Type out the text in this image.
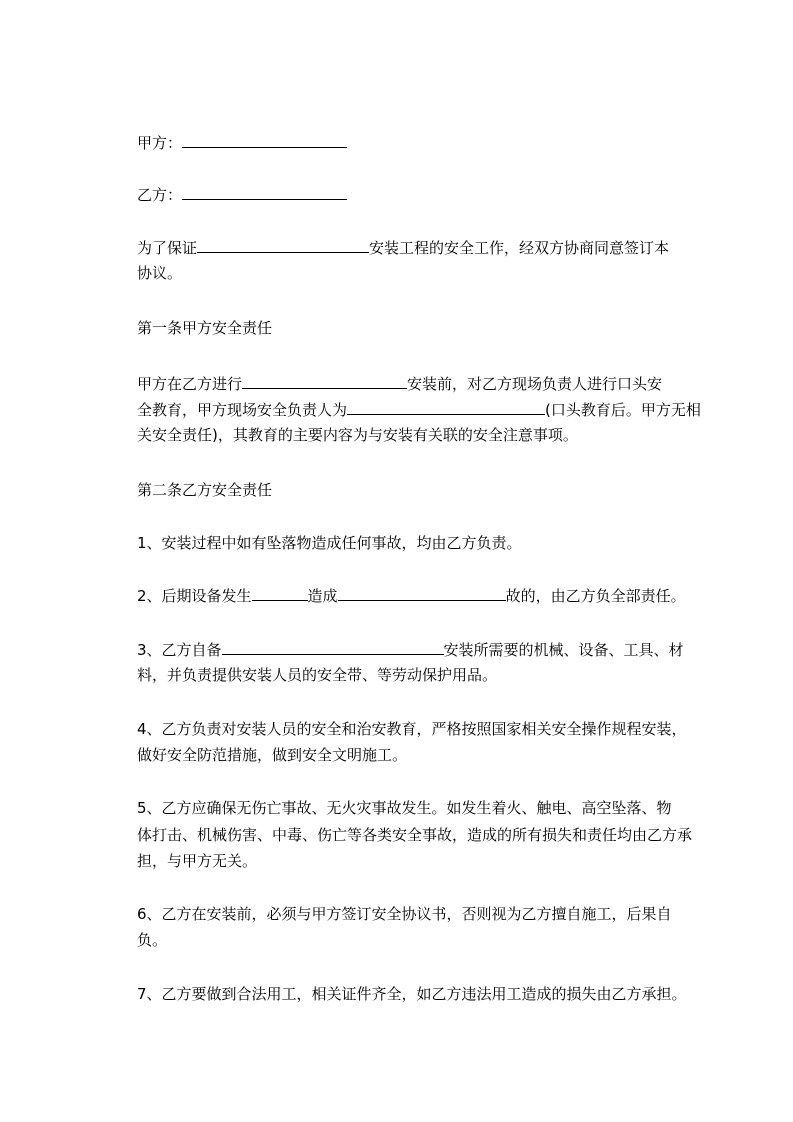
甲方：
乙方：
为了保证	安装工程的安全工作，经双方协商同意签订本
协议。
第一条甲方安全责任
甲方在乙方进行	安装前，对乙方现场负责人进行口头安
全教育，甲方现场安全负责人为	(口头教育后。甲方无相
关安全责任)，其教育的主要内容为与安装有关联的安全注意事项。
第二条乙方安全责任
1、安装过程中如有坠落物造成任何事故，均由乙方负责。
2、后期设备发生	造成	故的，由乙方负全部责任。
3、乙方自备	安装所需要的机械、设备、工具、材
料，并负责提供安装人员的安全带、等劳动保护用品。
4、乙方负责对安装人员的安全和治安教育，严格按照国家相关安全操作规程安装，
做好安全防范措施，做到安全文明施工。
5、乙方应确保无伤亡事故、无火灾事故发生。如发生着火、触电、高空坠落、物
体打击、机械伤害、中毒、伤亡等各类安全事故，造成的所有损失和责任均由乙方承
担，与甲方无关。
6、乙方在安装前，必须与甲方签订安全协议书，否则视为乙方擅自施工，后果自
负。
7、乙方要做到合法用工，相关证件齐全，如乙方违法用工造成的损失由乙方承担。
